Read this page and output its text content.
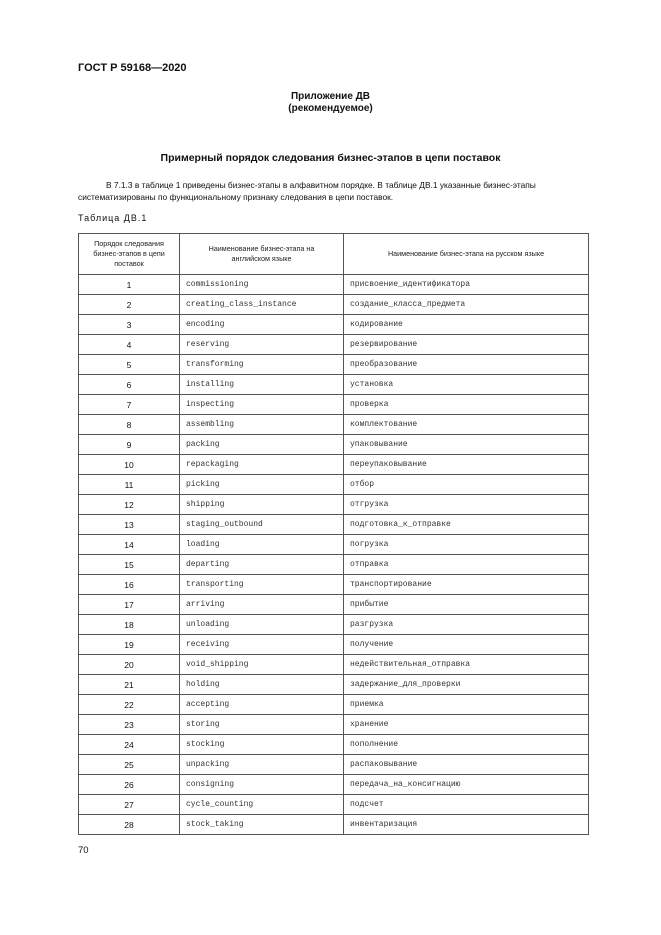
ГОСТ Р 59168—2020
Приложение ДВ
(рекомендуемое)
Примерный порядок следования бизнес-этапов в цепи поставок

В 7.1.3 в таблице 1 приведены бизнес-этапы в алфавитном порядке. В таблице ДВ.1 указанные бизнес-этапы систематизированы по функциональному признаку следования в цепи поставок.

Таблица ДВ.1
Порядок следования бизнес-этапов в цепи поставок	Наименование бизнес-этапа на английском языке	Наименование бизнес-этапа на русском языке
1	commissioning	присвоение_идентификатора
2	creating_class_instance	создание_класса_предмета
3	encoding	кодирование
4	reserving	резервирование
5	transforming	преобразование
6	installing	установка
7	inspecting	проверка
8	assembling	комплектование
9	packing	упаковывание
10	repackaging	переупаковывание
11	picking	отбор
12	shipping	отгрузка
13	staging_outbound	подготовка_к_отправке
14	loading	погрузка
15	departing	отправка
16	transporting	транспортирование
17	arriving	прибытие
18	unloading	разгрузка
19	receiving	получение
20	void_shipping	недействительная_отправка
21	holding	задержание_для_проверки
22	accepting	приемка
23	storing	хранение
24	stocking	пополнение
25	unpacking	распаковывание
26	consigning	передача_на_консигнацию
27	cycle_counting	подсчет
28	stock_taking	инвентаризация
70
